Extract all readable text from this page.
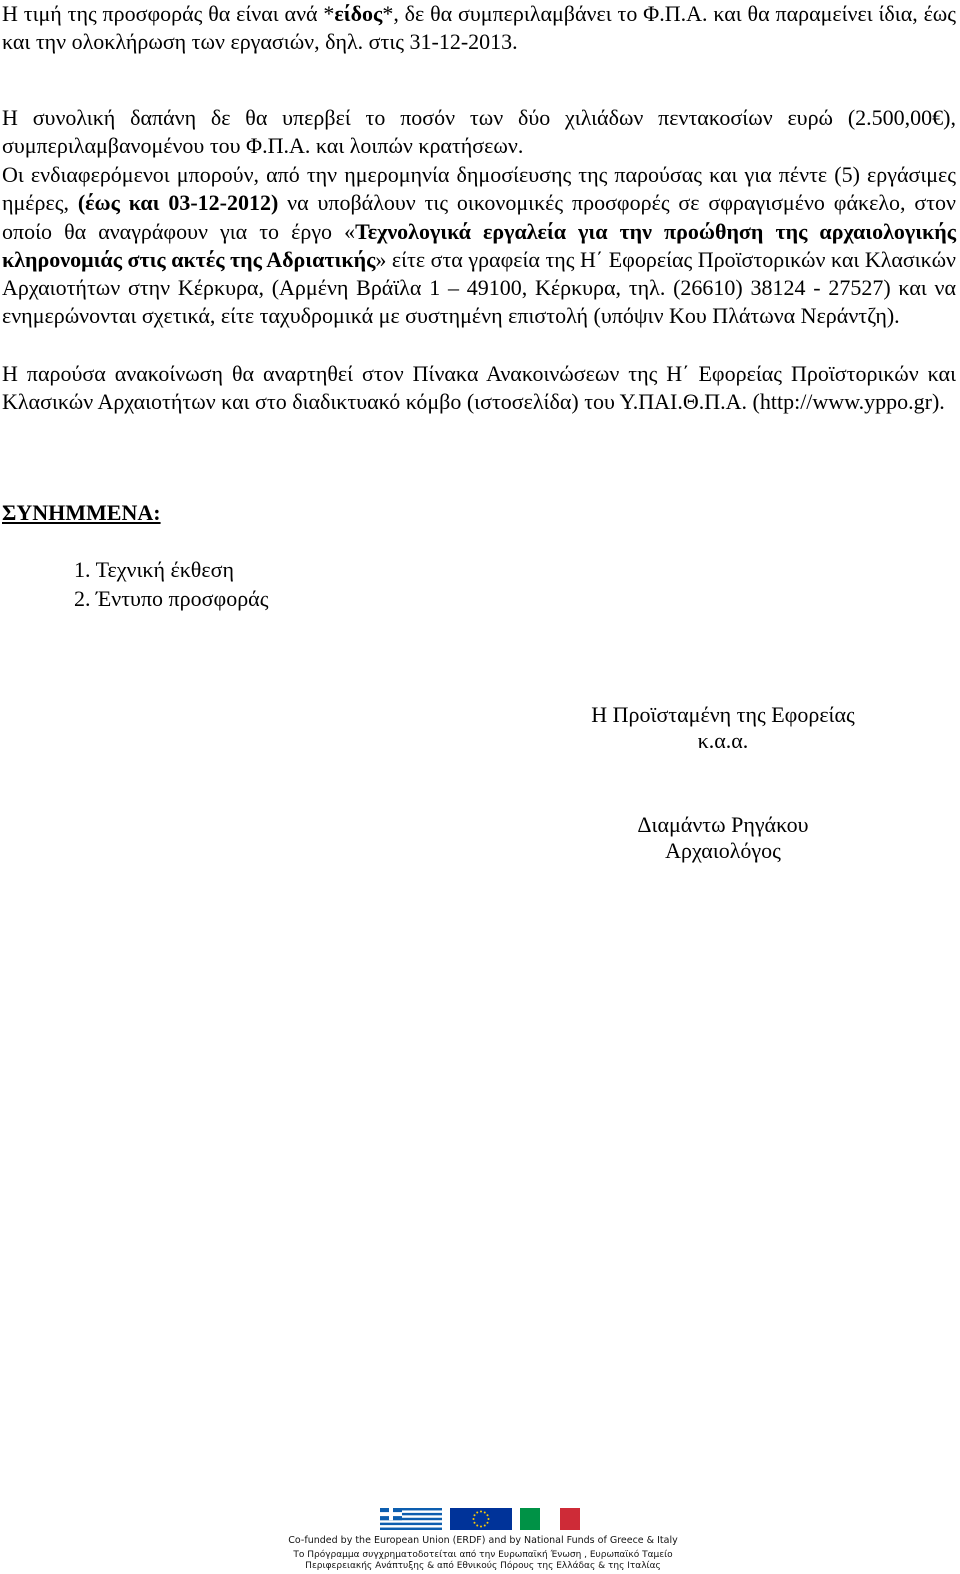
Η τιμή της προσφοράς θα είναι ανά *είδος*, δε θα συμπεριλαμβάνει το Φ.Π.Α. και θα παραμείνει ίδια, έως και την ολοκλήρωση των εργασιών, δηλ. στις 31-12-2013.

Η συνολική δαπάνη δε θα υπερβεί το ποσόν των δύο χιλιάδων πεντακοσίων ευρώ (2.500,00€), συμπεριλαμβανομένου του Φ.Π.Α. και λοιπών κρατήσεων.

Οι ενδιαφερόμενοι μπορούν, από την ημερομηνία δημοσίευσης της παρούσας και για πέντε (5) εργάσιμες ημέρες, (έως και 03-12-2012) να υποβάλουν τις οικονομικές προσφορές σε σφραγισμένο φάκελο, στον οποίο θα αναγράφουν για το έργο «Τεχνολογικά εργαλεία για την προώθηση της αρχαιολογικής κληρονομιάς στις ακτές της Αδριατικής» είτε στα γραφεία της Η΄ Εφορείας Προϊστορικών και Κλασικών Αρχαιοτήτων στην Κέρκυρα, (Αρμένη Βράϊλα 1 – 49100, Κέρκυρα, τηλ. (26610) 38124 - 27527) και να ενημερώνονται σχετικά, είτε ταχυδρομικά με συστημένη επιστολή (υπόψιν Κου Πλάτωνα Νεράντζη).

Η παρούσα ανακοίνωση θα αναρτηθεί στον Πίνακα Ανακοινώσεων της Η΄ Εφορείας Προϊστορικών και Κλασικών Αρχαιοτήτων και στο διαδικτυακό κόμβο (ιστοσελίδα) του Υ.ΠΑΙ.Θ.Π.Α. (http://www.yppo.gr).

ΣΥΝΗΜΜΕΝΑ:

1. Τεχνική έκθεση
2. Έντυπο προσφοράς
Η Προϊσταμένη της Εφορείας
κ.α.α.
Διαμάντω Ρηγάκου
Αρχαιολόγος
Co-funded by the European Union (ERDF) and by National Funds of Greece & Italy
Το Πρόγραμμα συγχρηματοδοτείται από την Ευρωπαϊκή Ένωση , Ευρωπαϊκό Ταμείο
Περιφερειακής Ανάπτυξης & από Εθνικούς Πόρους της Ελλάδας & της Ιταλίας
